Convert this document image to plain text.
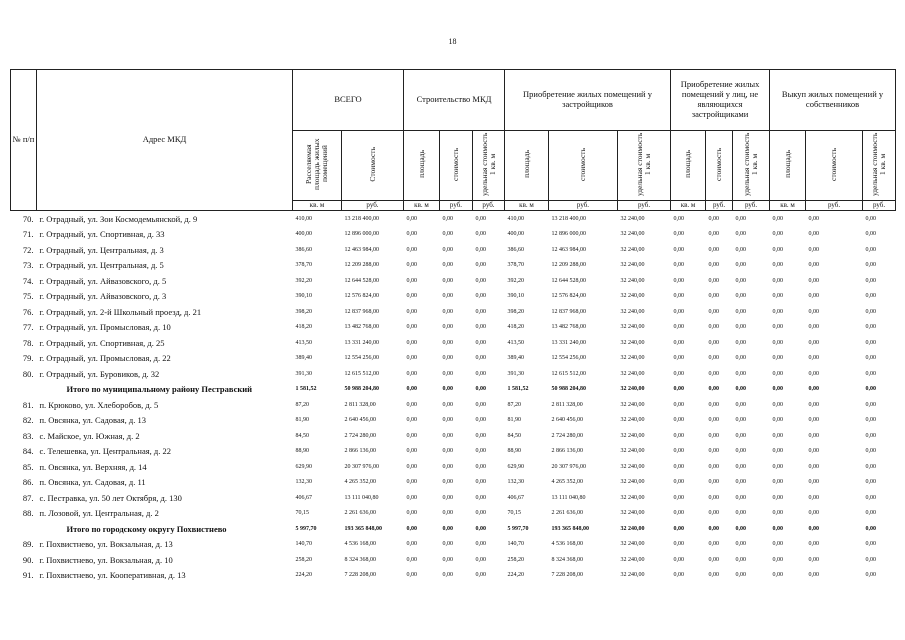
18
№ п/п	Адрес МКД	ВСЕГО		Строительство МКД			Приобретение жилых помещений у застройщиков			Приобретение жилых помещений у лиц, не являющихся застройщиками			Выкуп жилых помещений у собственников		
		Расселяемая площадь жилых помещений	Стоимость	площадь	стоимость	удельная стоимость 1 кв. м	площадь	стоимость	удельная стоимость 1 кв. м	площадь	стоимость	удельная стоимость 1 кв. м	площадь	стоимость	удельная стоимость 1 кв. м
		кв. м	руб.	кв. м	руб.	руб.	кв. м	руб.	руб.	кв. м	руб.	руб.	кв. м	руб.	руб.
70.	г. Отрадный, ул. Зои Космодемьянской, д. 9	410,00	13 218 400,00	0,00	0,00	0,00	410,00	13 218 400,00	32 240,00	0,00	0,00	0,00	0,00	0,00	0,00
71.	г. Отрадный, ул. Спортивная, д. 33	400,00	12 896 000,00	0,00	0,00	0,00	400,00	12 896 000,00	32 240,00	0,00	0,00	0,00	0,00	0,00	0,00
72.	г. Отрадный, ул. Центральная, д. 3	386,60	12 463 984,00	0,00	0,00	0,00	386,60	12 463 984,00	32 240,00	0,00	0,00	0,00	0,00	0,00	0,00
73.	г. Отрадный, ул. Центральная, д. 5	378,70	12 209 288,00	0,00	0,00	0,00	378,70	12 209 288,00	32 240,00	0,00	0,00	0,00	0,00	0,00	0,00
74.	г. Отрадный, ул. Айвазовского, д. 5	392,20	12 644 528,00	0,00	0,00	0,00	392,20	12 644 528,00	32 240,00	0,00	0,00	0,00	0,00	0,00	0,00
75.	г. Отрадный, ул. Айвазовского, д. 3	390,10	12 576 824,00	0,00	0,00	0,00	390,10	12 576 824,00	32 240,00	0,00	0,00	0,00	0,00	0,00	0,00
76.	г. Отрадный, ул. 2-й Школьный проезд, д. 21	398,20	12 837 968,00	0,00	0,00	0,00	398,20	12 837 968,00	32 240,00	0,00	0,00	0,00	0,00	0,00	0,00
77.	г. Отрадный, ул. Промысловая, д. 10	418,20	13 482 768,00	0,00	0,00	0,00	418,20	13 482 768,00	32 240,00	0,00	0,00	0,00	0,00	0,00	0,00
78.	г. Отрадный, ул. Спортивная, д. 25	413,50	13 331 240,00	0,00	0,00	0,00	413,50	13 331 240,00	32 240,00	0,00	0,00	0,00	0,00	0,00	0,00
79.	г. Отрадный, ул. Промысловая, д. 22	389,40	12 554 256,00	0,00	0,00	0,00	389,40	12 554 256,00	32 240,00	0,00	0,00	0,00	0,00	0,00	0,00
80.	г. Отрадный, ул. Буровиков, д. 32	391,30	12 615 512,00	0,00	0,00	0,00	391,30	12 615 512,00	32 240,00	0,00	0,00	0,00	0,00	0,00	0,00
	Итого по муниципальному району Пестравский	1 581,52	50 988 204,80	0,00	0,00	0,00	1 581,52	50 988 204,80	32 240,00	0,00	0,00	0,00	0,00	0,00	0,00
81.	п. Крюково, ул. Хлеборобов, д. 5	87,20	2 811 328,00	0,00	0,00	0,00	87,20	2 811 328,00	32 240,00	0,00	0,00	0,00	0,00	0,00	0,00
82.	п. Овсянка, ул. Садовая, д. 13	81,90	2 640 456,00	0,00	0,00	0,00	81,90	2 640 456,00	32 240,00	0,00	0,00	0,00	0,00	0,00	0,00
83.	с. Майское, ул. Южная, д. 2	84,50	2 724 280,00	0,00	0,00	0,00	84,50	2 724 280,00	32 240,00	0,00	0,00	0,00	0,00	0,00	0,00
84.	с. Телешевка, ул. Центральная, д. 22	88,90	2 866 136,00	0,00	0,00	0,00	88,90	2 866 136,00	32 240,00	0,00	0,00	0,00	0,00	0,00	0,00
85.	п. Овсянка, ул. Верхняя, д. 14	629,90	20 307 976,00	0,00	0,00	0,00	629,90	20 307 976,00	32 240,00	0,00	0,00	0,00	0,00	0,00	0,00
86.	п. Овсянка, ул. Садовая, д. 11	132,30	4 265 352,00	0,00	0,00	0,00	132,30	4 265 352,00	32 240,00	0,00	0,00	0,00	0,00	0,00	0,00
87.	с. Пестравка, ул. 50 лет Октября, д. 130	406,67	13 111 040,80	0,00	0,00	0,00	406,67	13 111 040,80	32 240,00	0,00	0,00	0,00	0,00	0,00	0,00
88.	п. Лозовой, ул. Центральная, д. 2	70,15	2 261 636,00	0,00	0,00	0,00	70,15	2 261 636,00	32 240,00	0,00	0,00	0,00	0,00	0,00	0,00
	Итого по городскому округу Похвистнево	5 997,70	193 365 848,00	0,00	0,00	0,00	5 997,70	193 365 848,00	32 240,00	0,00	0,00	0,00	0,00	0,00	0,00
89.	г. Похвистнево, ул. Вокзальная, д. 13	140,70	4 536 168,00	0,00	0,00	0,00	140,70	4 536 168,00	32 240,00	0,00	0,00	0,00	0,00	0,00	0,00
90.	г. Похвистнево, ул. Вокзальная, д. 10	258,20	8 324 368,00	0,00	0,00	0,00	258,20	8 324 368,00	32 240,00	0,00	0,00	0,00	0,00	0,00	0,00
91.	г. Похвистнево, ул. Кооперативная, д. 13	224,20	7 228 208,00	0,00	0,00	0,00	224,20	7 228 208,00	32 240,00	0,00	0,00	0,00	0,00	0,00	0,00
